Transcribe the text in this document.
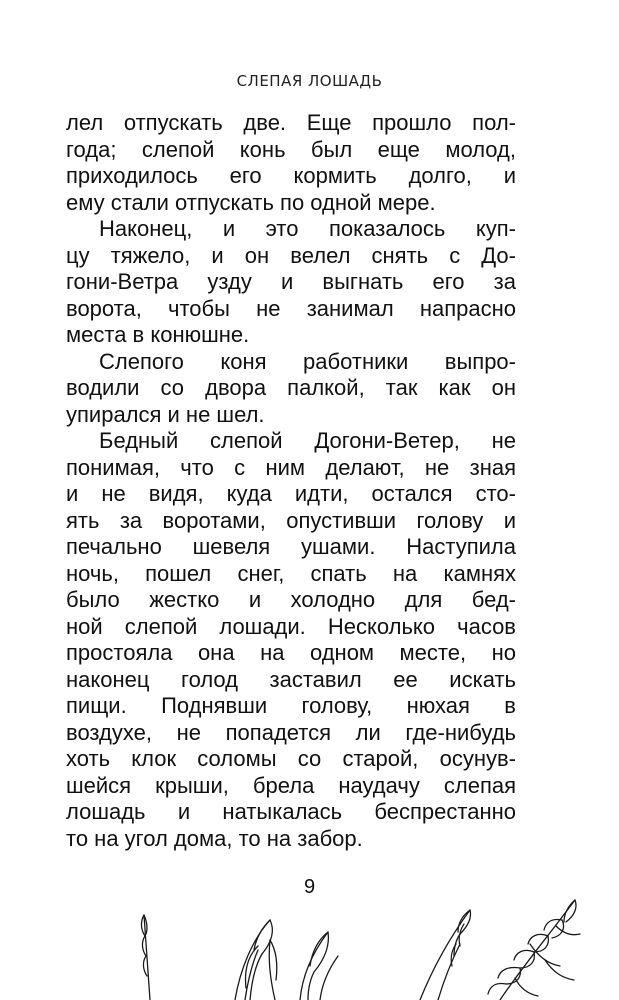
СЛЕПАЯ ЛОШАДЬ
лел отпускать две. Еще прошло пол-
года; слепой конь был еще молод,
приходилось его кормить долго, и
ему стали отпускать по одной мере.
Наконец, и это показалось куп-
цу тяжело, и он велел снять с До-
гони-Ветра узду и выгнать его за
ворота, чтобы не занимал напрасно
места в конюшне.
Слепого коня работники выпро-
водили со двора палкой, так как он
упирался и не шел.
Бедный слепой Догони-Ветер, не
понимая, что с ним делают, не зная
и не видя, куда идти, остался сто-
ять за воротами, опустивши голову и
печально шевеля ушами. Наступила
ночь, пошел снег, спать на камнях
было жестко и холодно для бед-
ной слепой лошади. Несколько часов
простояла она на одном месте, но
наконец голод заставил ее искать
пищи. Поднявши голову, нюхая в
воздухе, не попадется ли где-нибудь
хоть клок соломы со старой, осунув-
шейся крыши, брела наудачу слепая
лошадь и натыкалась беспрестанно
то на угол дома, то на забор.
9
